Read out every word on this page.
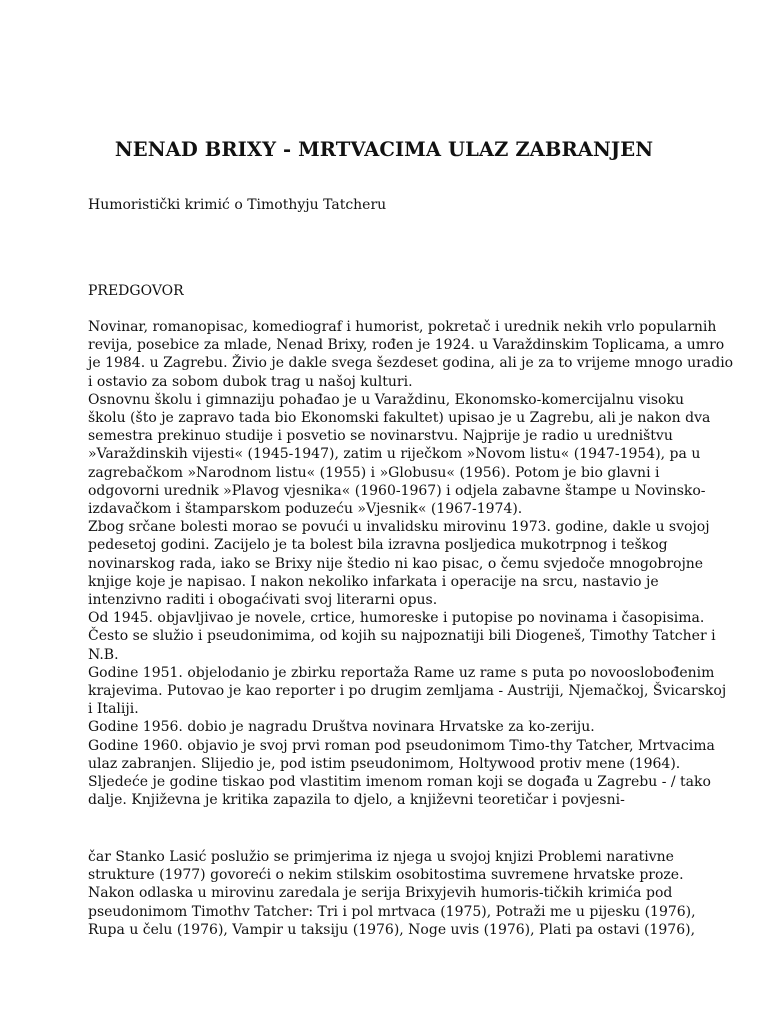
NENAD BRIXY - MRTVACIMA ULAZ ZABRANJEN
Humoristički krimić o Timothyju Tatcheru
PREDGOVOR
Novinar, romanopisac, komediograf i humorist, pokretač i urednik nekih vrlo popularnih
revija, posebice za mlade, Nenad Brixy, rođen je 1924. u Varaždinskim Toplicama, a umro
je 1984. u Zagrebu. Živio je dakle svega šezdeset godina, ali je za to vrijeme mnogo uradio
i ostavio za sobom dubok trag u našoj kulturi.
Osnovnu školu i gimnaziju pohađao je u Varaždinu, Ekonomsko-komercijalnu visoku
školu (što je zapravo tada bio Ekonomski fakultet) upisao je u Zagrebu, ali je nakon dva
semestra prekinuo studije i posvetio se novinarstvu. Najprije je radio u uredništvu
»Varaždinskih vijesti« (1945-1947), zatim u riječkom »Novom listu« (1947-1954), pa u
zagrebačkom »Narodnom listu« (1955) i »Globusu« (1956). Potom je bio glavni i
odgovorni urednik »Plavog vjesnika« (1960-1967) i odjela zabavne štampe u Novinsko-
izdavačkom i štamparskom poduzeću »Vjesnik« (1967-1974).
Zbog srčane bolesti morao se povući u invalidsku mirovinu 1973. godine, dakle u svojoj
pedesetoj godini. Zacijelo je ta bolest bila izravna posljedica mukotrpnog i teškog
novinarskog rada, iako se Brixy nije štedio ni kao pisac, o čemu svjedoče mnogobrojne
knjige koje je napisao. I nakon nekoliko infarkata i operacije na srcu, nastavio je
intenzivno raditi i obogaćivati svoj literarni opus.
Od 1945. objavljivao je novele, crtice, humoreske i putopise po novinama i časopisima.
Često se služio i pseudonimima, od kojih su najpoznatiji bili Diogeneš, Timothy Tatcher i
N.B.
Godine 1951. objelodanio je zbirku reportaža Rame uz rame s puta po novooslobođenim
krajevima. Putovao je kao reporter i po drugim zemljama - Austriji, Njemačkoj, Švicarskoj
i Italiji.
Godine 1956. dobio je nagradu Društva novinara Hrvatske za ko-zeriju.
Godine 1960. objavio je svoj prvi roman pod pseudonimom Timo-thy Tatcher, Mrtvacima
ulaz zabranjen. Slijedio je, pod istim pseudonimom, Holtywood protiv mene (1964).
Sljedeće je godine tiskao pod vlastitim imenom roman koji se događa u Zagrebu - / tako
dalje. Književna je kritika zapazila to djelo, a književni teoretičar i povjesni-
čar Stanko Lasić poslužio se primjerima iz njega u svojoj knjizi Problemi narativne
strukture (1977) govoreći o nekim stilskim osobitostima suvremene hrvatske proze.
Nakon odlaska u mirovinu zaredala je serija Brixyjevih humoris-tičkih krimića pod
pseudonimom Timothv Tatcher: Tri i pol mrtvaca (1975), Potraži me u pijesku (1976),
Rupa u čelu (1976), Vampir u taksiju (1976), Noge uvis (1976), Plati pa ostavi (1976),
